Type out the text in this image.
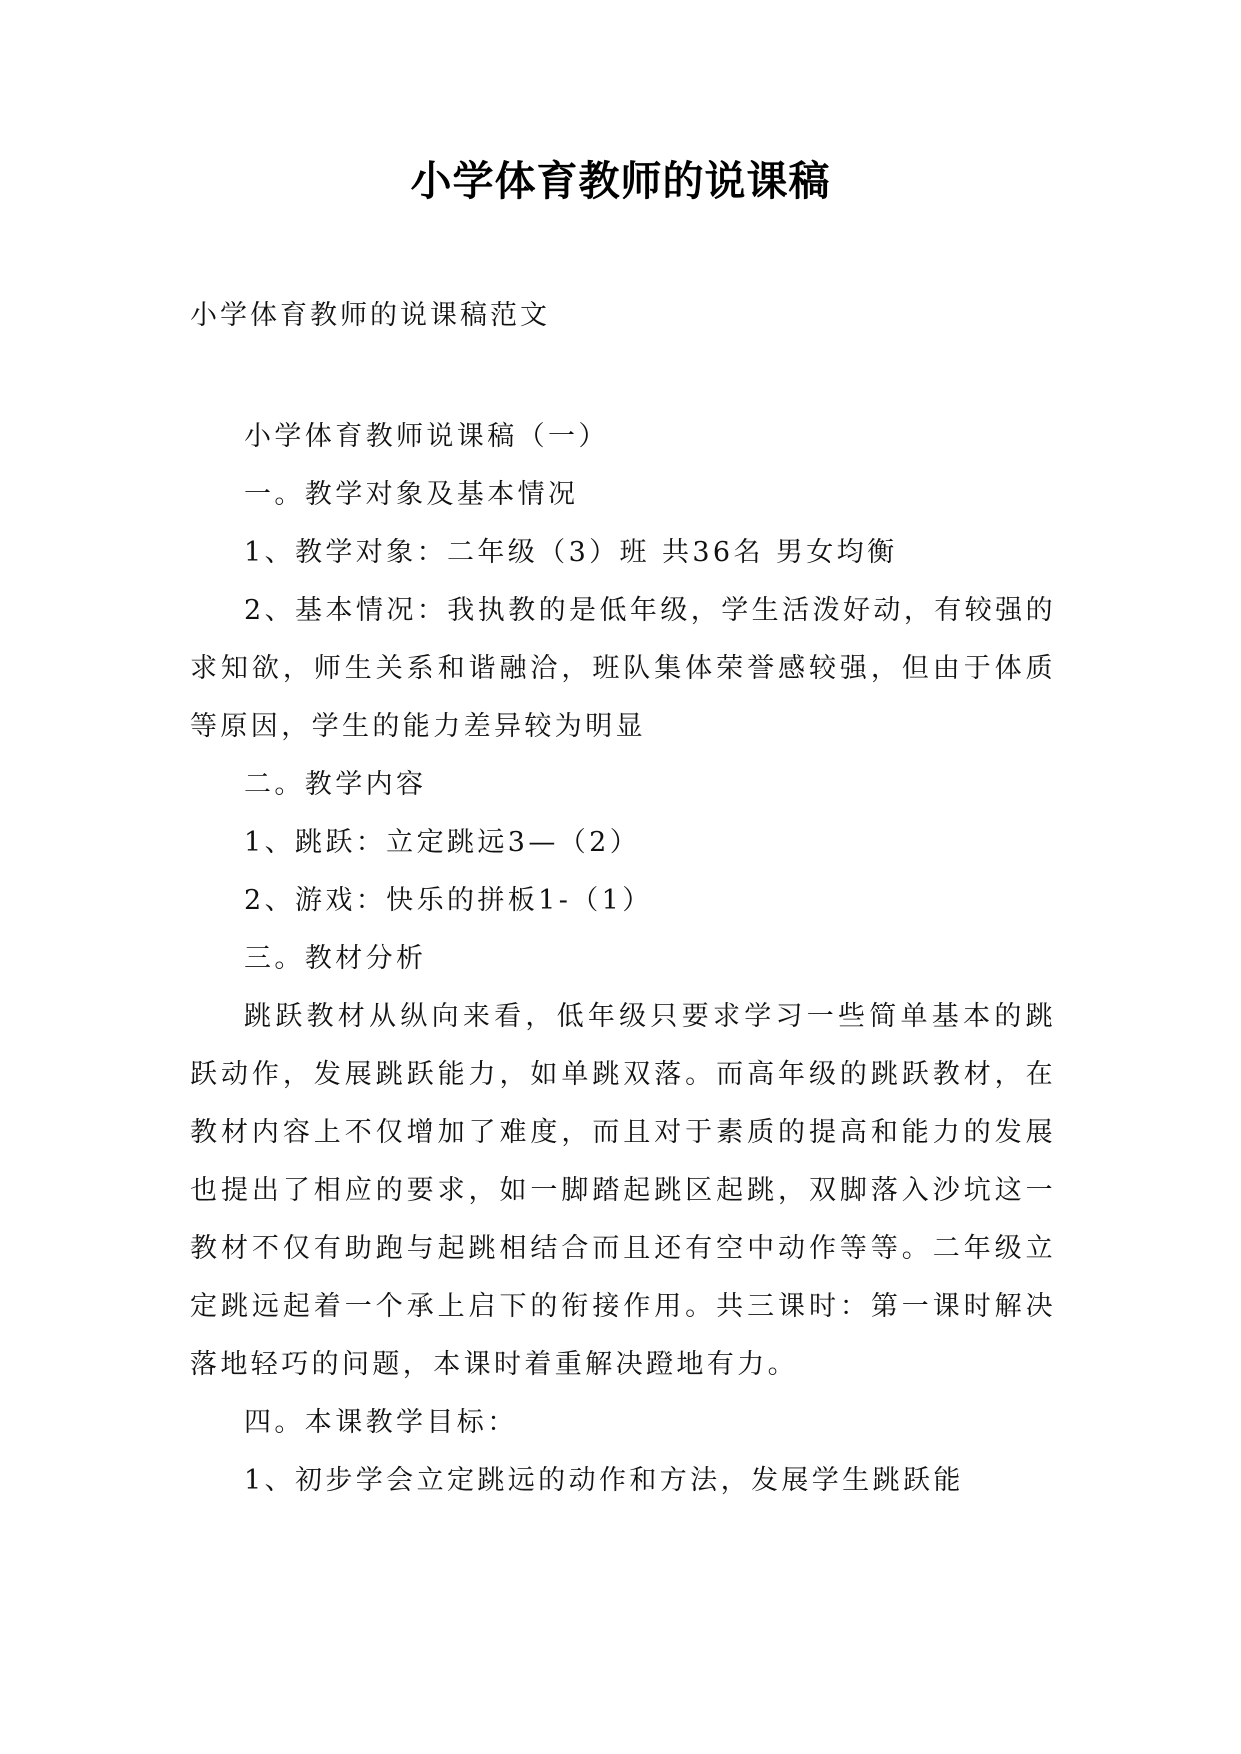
小学体育教师的说课稿
小学体育教师的说课稿范文

小学体育教师说课稿（一）

一。教学对象及基本情况

1、教学对象：二年级（3）班 共36名 男女均衡

2、基本情况：我执教的是低年级，学生活泼好动，有较强的求知欲，师生关系和谐融洽，班队集体荣誉感较强，但由于体质等原因，学生的能力差异较为明显

二。教学内容

1、跳跃：立定跳远3—（2）

2、游戏：快乐的拼板1-（1）

三。教材分析

跳跃教材从纵向来看，低年级只要求学习一些简单基本的跳跃动作，发展跳跃能力，如单跳双落。而高年级的跳跃教材，在教材内容上不仅增加了难度，而且对于素质的提高和能力的发展也提出了相应的要求，如一脚踏起跳区起跳，双脚落入沙坑这一教材不仅有助跑与起跳相结合而且还有空中动作等等。二年级立定跳远起着一个承上启下的衔接作用。共三课时：第一课时解决落地轻巧的问题，本课时着重解决蹬地有力。

四。本课教学目标：

1、初步学会立定跳远的动作和方法，发展学生跳跃能
